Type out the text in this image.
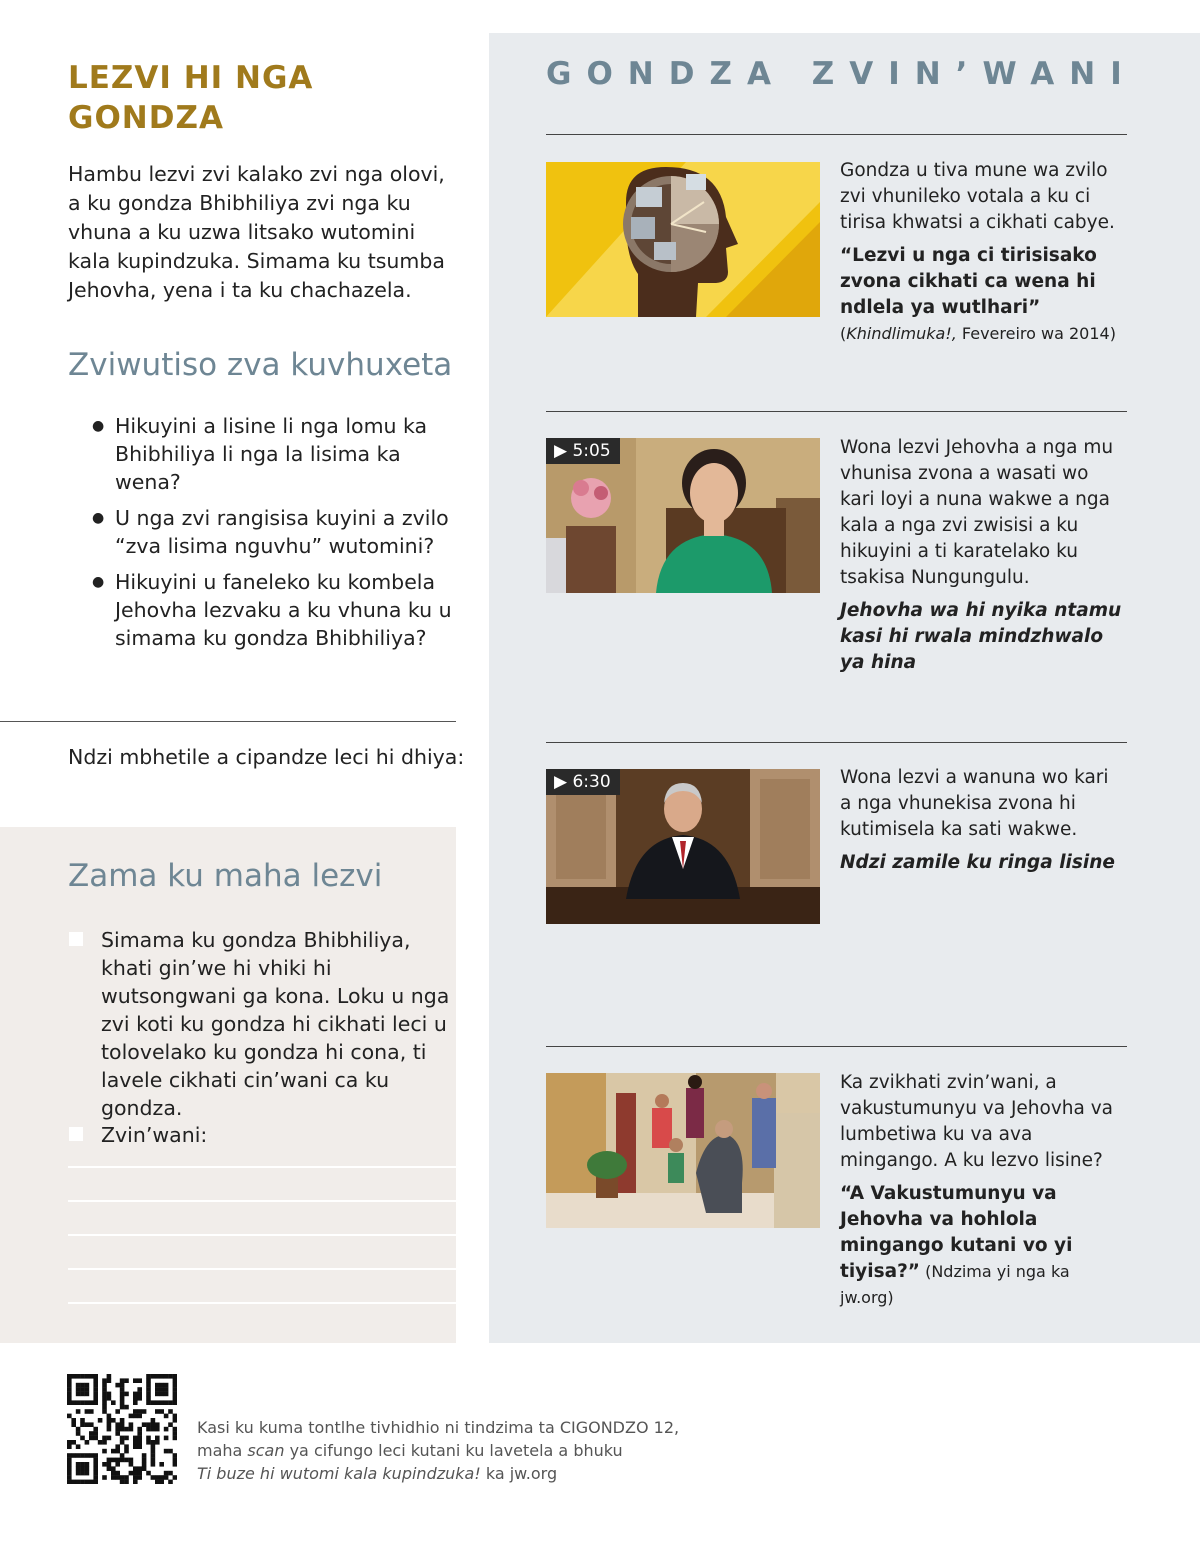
LEZVI HI NGA
GONDZA
Hambu lezvi zvi kalako zvi nga olovi, a ku gondza Bhibhiliya zvi nga ku vhuna a ku uzwa litsako wutomini kala kupindzuka. Simama ku tsumba Jehovha, yena i ta ku chachazela.
Zviwutiso zva kuvhuxeta
● Hikuyini a lisine li nga lomu ka Bhibhiliya li nga la lisima ka wena?
● U nga zvi rangisisa kuyini a zvilo “zva lisima nguvhu” wutomini?
● Hikuyini u faneleko ku kombela Jehovha lezvaku a ku vhuna ku u simama ku gondza Bhibhiliya?
Ndzi mbhetile a cipandze leci hi dhiya:
Zama ku maha lezvi
Simama ku gondza Bhibhiliya, khati gin’we hi vhiki hi wutsongwani ga kona. Loku u nga zvi koti ku gondza hi cikhati leci u tolovelako ku gondza hi cona, ti lavele cikhati cin’wani ca ku gondza.
Zvin’wani:
GONDZA ZVIN’WANI

Gondza u tiva mune wa zvilo zvi vhunileko votala a ku ci tirisa khwatsi a cikhati cabye.

“Lezvi u nga ci tirisisako zvona cikhati ca wena hi ndlela ya wutlhari” (Khindlimuka!, Fevereiro wa 2014)

▶ 5:05	Wona lezvi Jehovha a nga mu vhunisa zvona a wasati wo kari loyi a nuna wakwe a nga kala a nga zvi zwisisi a ku hikuyini a ti karatelako ku tsakisa Nungungulu.

Jehovha wa hi nyika ntamu kasi hi rwala mindzhwalo ya hina

▶ 6:30	Wona lezvi a wanuna wo kari a nga vhunekisa zvona hi kutimisela ka sati wakwe.

Ndzi zamile ku ringa lisine

Ka zvikhati zvin’wani, a vakustumunyu va Jehovha va lumbetiwa ku va ava mingango. A ku lezvo lisine?

“A Vakustumunyu va Jehovha va hohlola mingango kutani vo yi tiyisa?” (Ndzima yi nga ka jw.org)

Kasi ku kuma tontlhe tivhidhio ni tindzima ta CIGONDZO 12,
maha scan ya cifungo leci kutani ku lavetela a bhuku
Ti buze hi wutomi kala kupindzuka! ka jw.org
